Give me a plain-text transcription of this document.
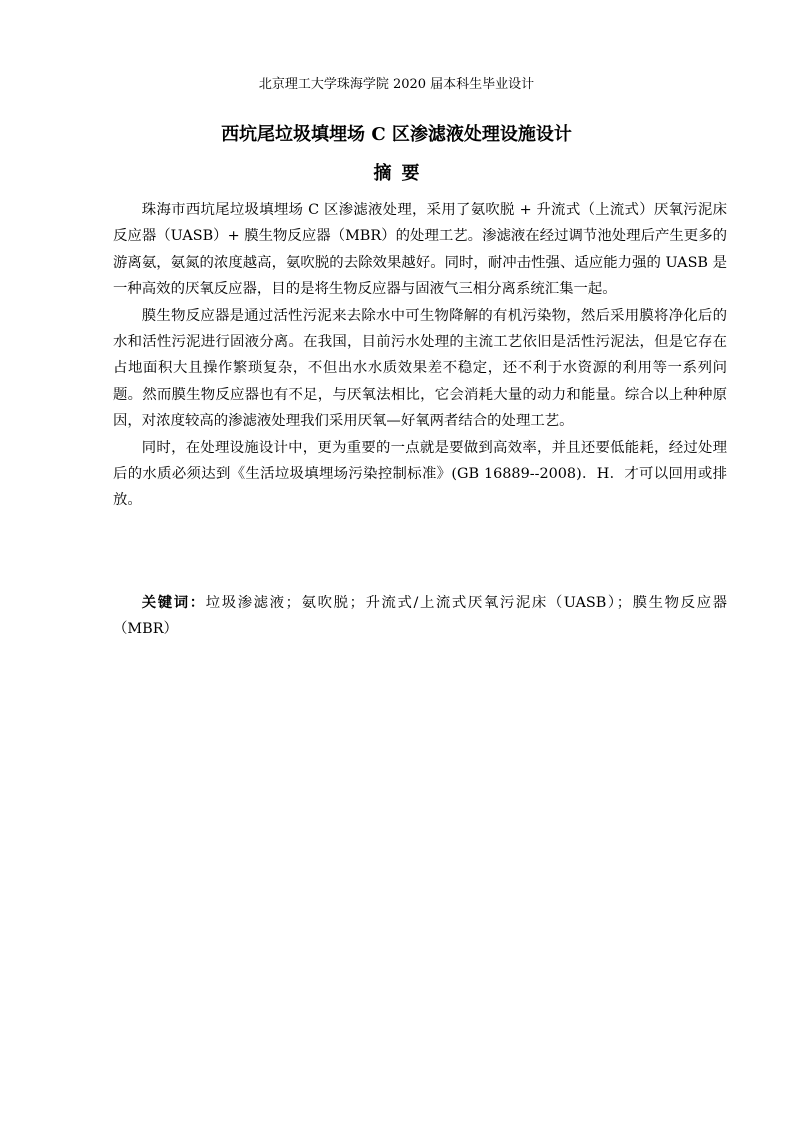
北京理工大学珠海学院 2020 届本科生毕业设计
西坑尾垃圾填埋场 C 区渗滤液处理设施设计
摘要

珠海市西坑尾垃圾填埋场 C 区渗滤液处理，采用了氨吹脱 + 升流式（上流式）厌氧污泥床反应器（UASB）+ 膜生物反应器（MBR）的处理工艺。渗滤液在经过调节池处理后产生更多的游离氨，氨氮的浓度越高，氨吹脱的去除效果越好。同时，耐冲击性强、适应能力强的 UASB 是一种高效的厌氧反应器，目的是将生物反应器与固液气三相分离系统汇集一起。

膜生物反应器是通过活性污泥来去除水中可生物降解的有机污染物，然后采用膜将净化后的水和活性污泥进行固液分离。在我国，目前污水处理的主流工艺依旧是活性污泥法，但是它存在占地面积大且操作繁琐复杂，不但出水水质效果差不稳定，还不利于水资源的利用等一系列问题。然而膜生物反应器也有不足，与厌氧法相比，它会消耗大量的动力和能量。综合以上种种原因，对浓度较高的渗滤液处理我们采用厌氧—好氧两者结合的处理工艺。

同时，在处理设施设计中，更为重要的一点就是要做到高效率，并且还要低能耗，经过处理后的水质必须达到《生活垃圾填埋场污染控制标准》(GB 16889--2008)．H．才可以回用或排放。

关键词：垃圾渗滤液；氨吹脱；升流式/上流式厌氧污泥床（UASB）；膜生物反应器（MBR）
